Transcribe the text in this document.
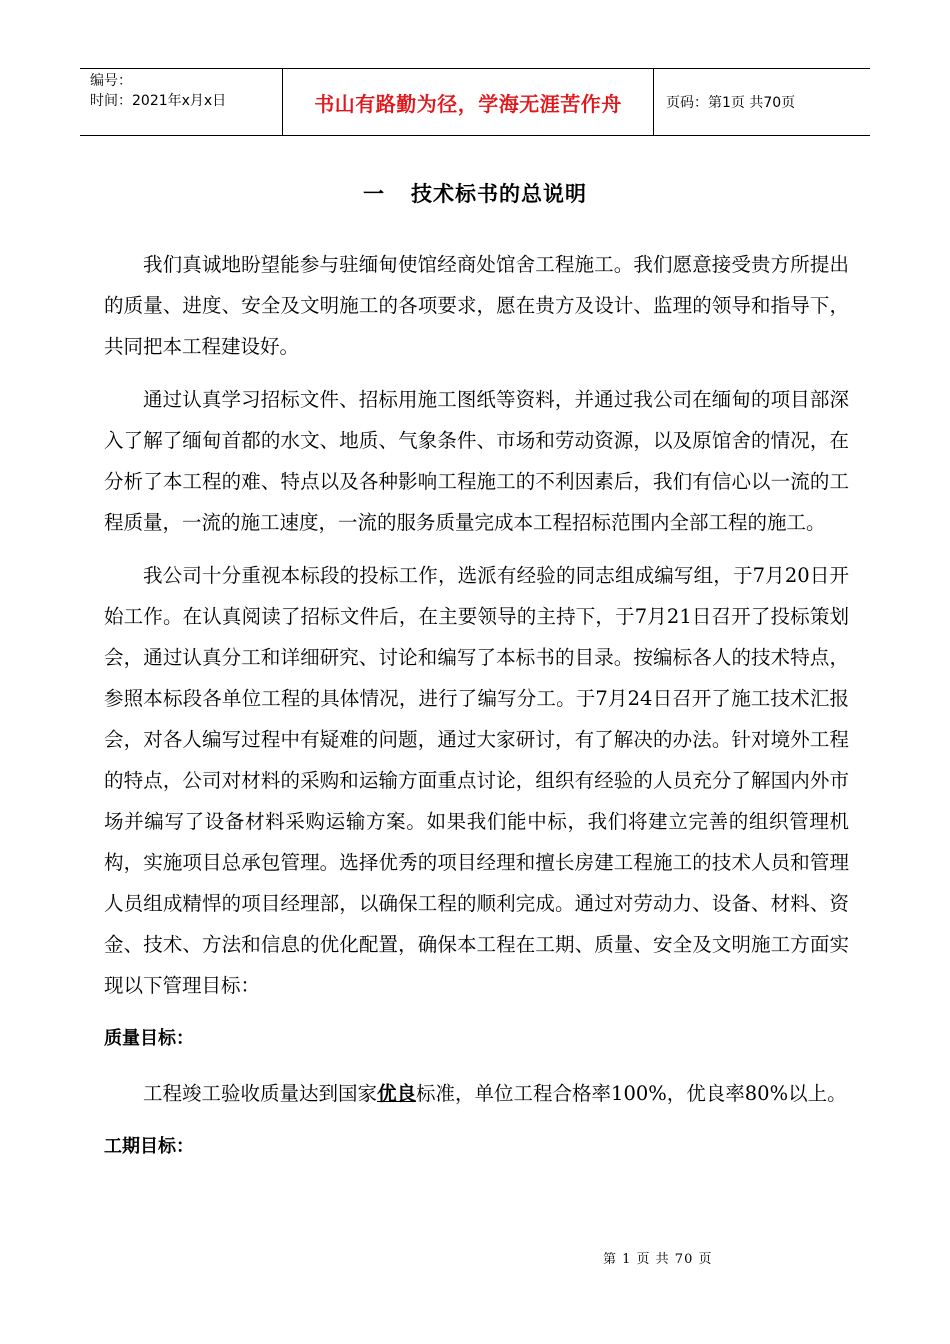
编号：
时间：2021年x月x日	书山有路勤为径，学海无涯苦作舟	页码：第1页 共70页
一 技术标书的总说明

我们真诚地盼望能参与驻缅甸使馆经商处馆舍工程施工。我们愿意接受贵方所提出的质量、进度、安全及文明施工的各项要求，愿在贵方及设计、监理的领导和指导下，共同把本工程建设好。

通过认真学习招标文件、招标用施工图纸等资料，并通过我公司在缅甸的项目部深入了解了缅甸首都的水文、地质、气象条件、市场和劳动资源，以及原馆舍的情况，在分析了本工程的难、特点以及各种影响工程施工的不利因素后，我们有信心以一流的工程质量，一流的施工速度，一流的服务质量完成本工程招标范围内全部工程的施工。

我公司十分重视本标段的投标工作，选派有经验的同志组成编写组，于7月20日开始工作。在认真阅读了招标文件后，在主要领导的主持下，于7月21日召开了投标策划会，通过认真分工和详细研究、讨论和编写了本标书的目录。按编标各人的技术特点，参照本标段各单位工程的具体情况，进行了编写分工。于7月24日召开了施工技术汇报会，对各人编写过程中有疑难的问题，通过大家研讨，有了解决的办法。针对境外工程的特点，公司对材料的采购和运输方面重点讨论，组织有经验的人员充分了解国内外市场并编写了设备材料采购运输方案。如果我们能中标，我们将建立完善的组织管理机构，实施项目总承包管理。选择优秀的项目经理和擅长房建工程施工的技术人员和管理人员组成精悍的项目经理部，以确保工程的顺利完成。通过对劳动力、设备、材料、资金、技术、方法和信息的优化配置，确保本工程在工期、质量、安全及文明施工方面实现以下管理目标：

质量目标：

工程竣工验收质量达到国家优良标准，单位工程合格率100%，优良率80%以上。

工期目标：
第 1 页 共 70 页
